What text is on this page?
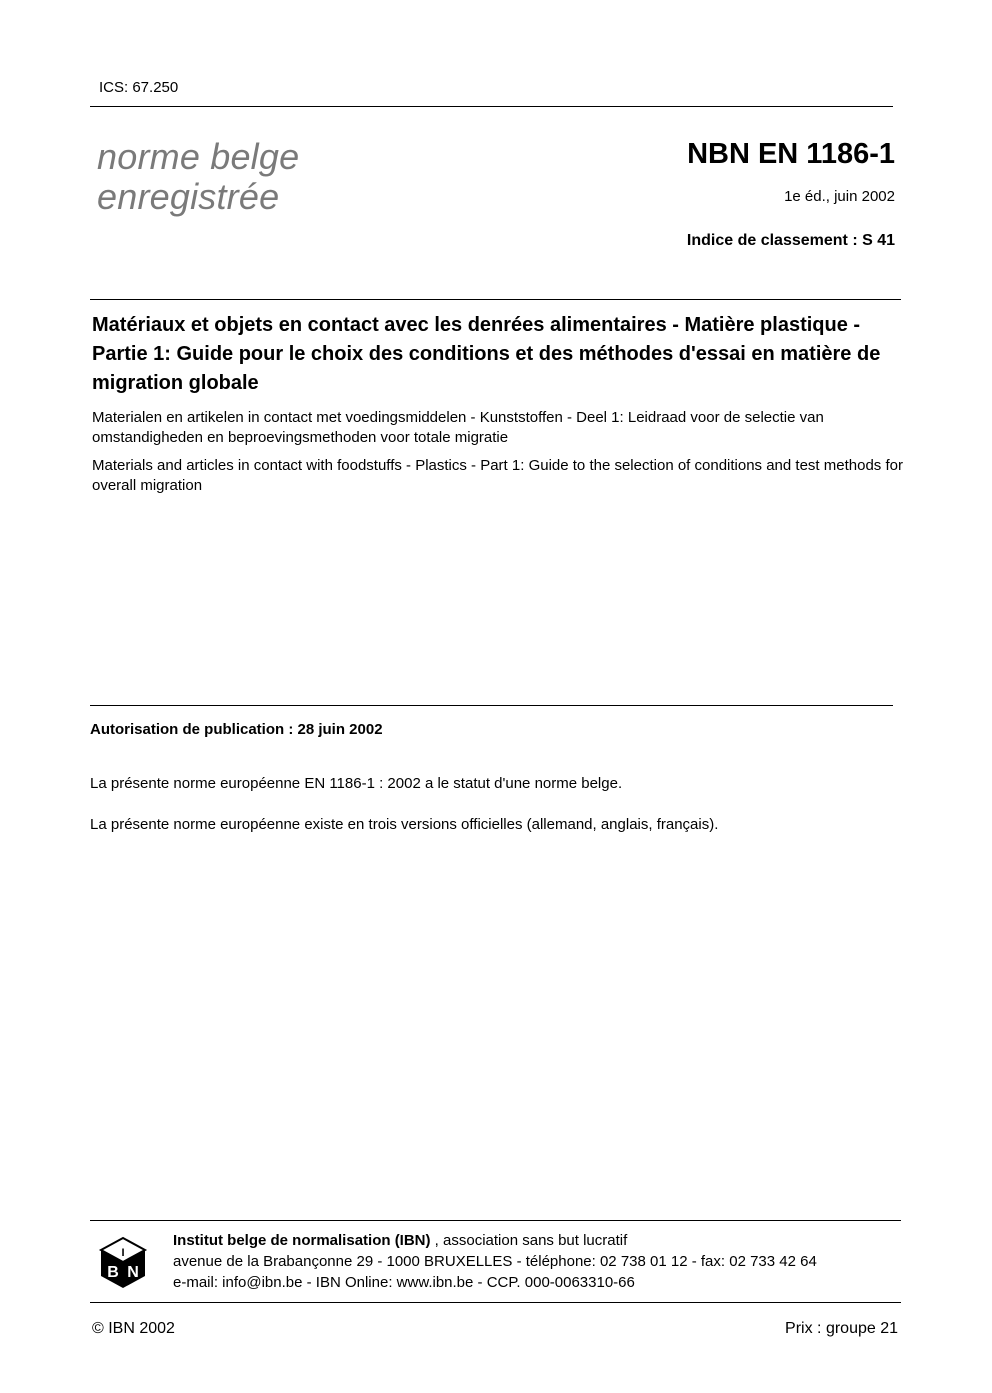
ICS: 67.250
norme belge
enregistrée
NBN EN 1186-1
1e éd., juin 2002
Indice de classement : S 41
Matériaux et objets en contact avec les denrées alimentaires - Matière plastique - Partie 1: Guide pour le choix des conditions et des méthodes d'essai en matière de migration globale
Materialen en artikelen in contact met voedingsmiddelen - Kunststoffen - Deel 1: Leidraad voor de selectie van omstandigheden en beproevingsmethoden voor totale migratie
Materials and articles in contact with foodstuffs - Plastics - Part 1: Guide to the selection of conditions and test methods for overall migration
Autorisation de publication : 28 juin 2002
La présente norme européenne EN 1186-1 : 2002 a le statut d'une norme belge.
La présente norme européenne existe en trois versions officielles (allemand, anglais, français).
I
B N
Institut belge de normalisation (IBN) , association sans but lucratif
avenue de la Brabançonne 29 - 1000 BRUXELLES - téléphone: 02 738 01 12 - fax: 02 733 42 64
e-mail: info@ibn.be - IBN Online: www.ibn.be - CCP. 000-0063310-66
© IBN 2002	Prix : groupe 21
